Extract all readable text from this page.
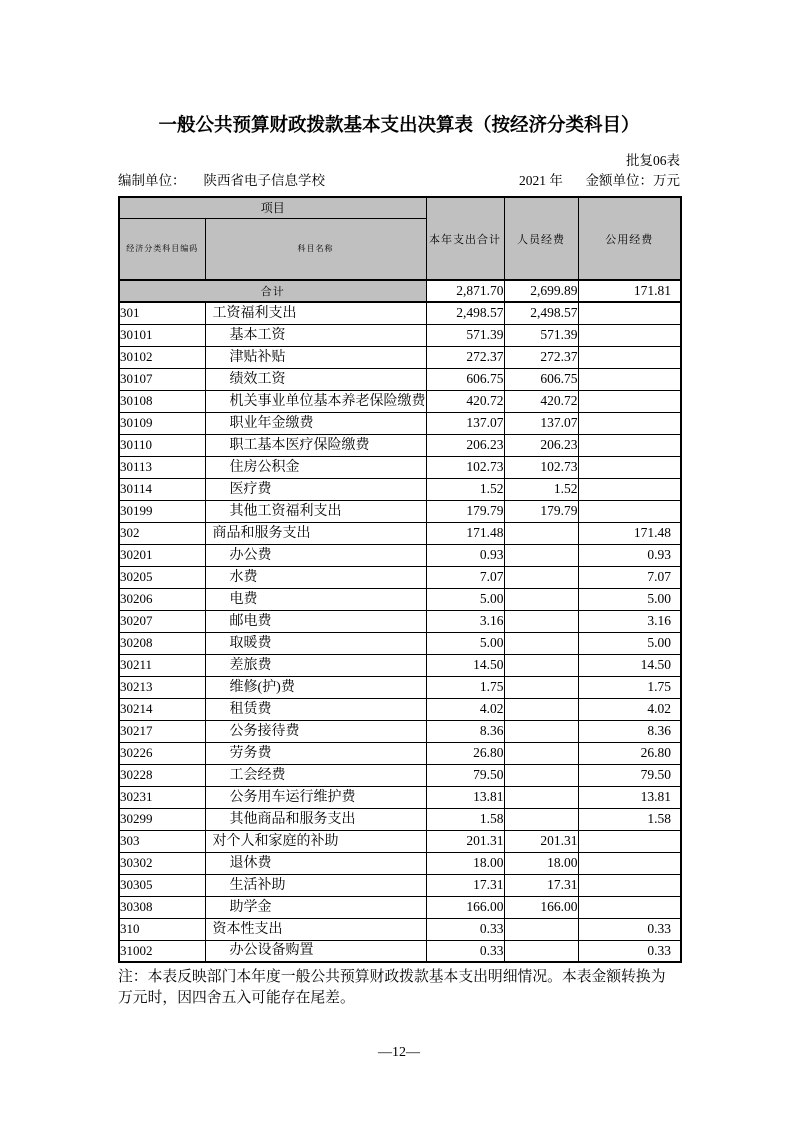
一般公共预算财政拨款基本支出决算表（按经济分类科目）
批复06表
编制单位： 陕西省电子信息学校	2021 年 金额单位：万元
项目		本年支出合计	人员经费	公用经费
经济分类科目编码	科目名称			
合计		2,871.70	2,699.89	171.81
301	工资福利支出	2,498.57	2,498.57	
30101	基本工资	571.39	571.39	
30102	津贴补贴	272.37	272.37	
30107	绩效工资	606.75	606.75	
30108	机关事业单位基本养老保险缴费	420.72	420.72	
30109	职业年金缴费	137.07	137.07	
30110	职工基本医疗保险缴费	206.23	206.23	
30113	住房公积金	102.73	102.73	
30114	医疗费	1.52	1.52	
30199	其他工资福利支出	179.79	179.79	
302	商品和服务支出	171.48		171.48
30201	办公费	0.93		0.93
30205	水费	7.07		7.07
30206	电费	5.00		5.00
30207	邮电费	3.16		3.16
30208	取暖费	5.00		5.00
30211	差旅费	14.50		14.50
30213	维修(护)费	1.75		1.75
30214	租赁费	4.02		4.02
30217	公务接待费	8.36		8.36
30226	劳务费	26.80		26.80
30228	工会经费	79.50		79.50
30231	公务用车运行维护费	13.81		13.81
30299	其他商品和服务支出	1.58		1.58
303	对个人和家庭的补助	201.31	201.31	
30302	退休费	18.00	18.00	
30305	生活补助	17.31	17.31	
30308	助学金	166.00	166.00	
310	资本性支出	0.33		0.33
31002	办公设备购置	0.33		0.33

注：本表反映部门本年度一般公共预算财政拨款基本支出明细情况。本表金额转换为万元时，因四舍五入可能存在尾差。

—12—
